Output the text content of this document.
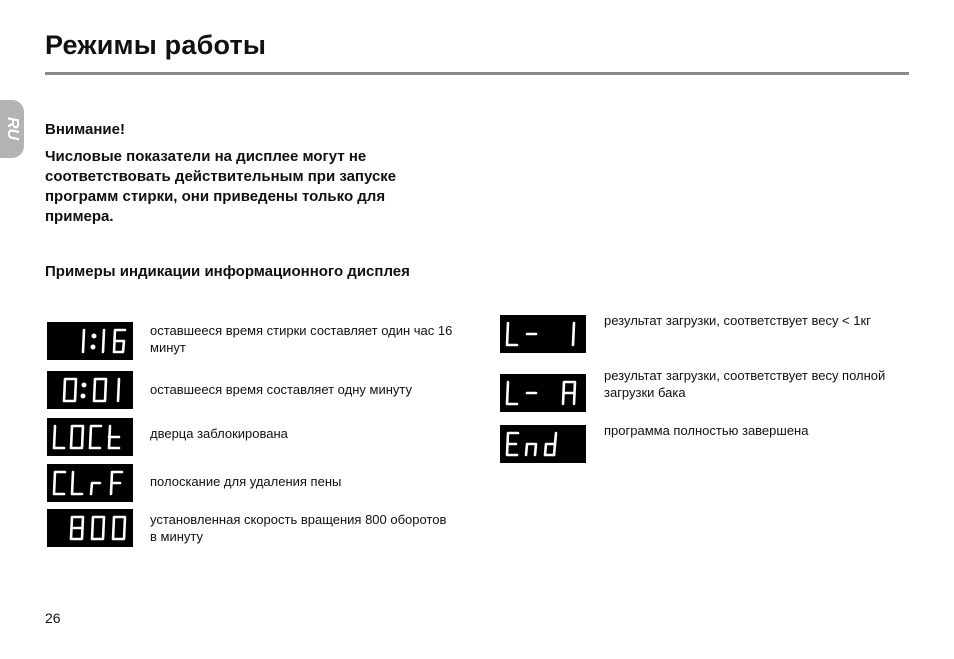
Режимы работы
RU Внимание!
Числовые показатели на дисплее могут не соответствовать действительным при запуске программ стирки, они приведены только для примера.
Примеры индикации информационного дисплея
оставшееся время стирки составляет один час 16 минут
оставшееся время составляет одну минуту
дверца заблокирована
полоскание для удаления пены
установленная скорость вращения 800 оборотов в минуту
результат загрузки, соответствует весу < 1кг
результат загрузки, соответствует весу полной загрузки бака
программа полностью завершена
26
